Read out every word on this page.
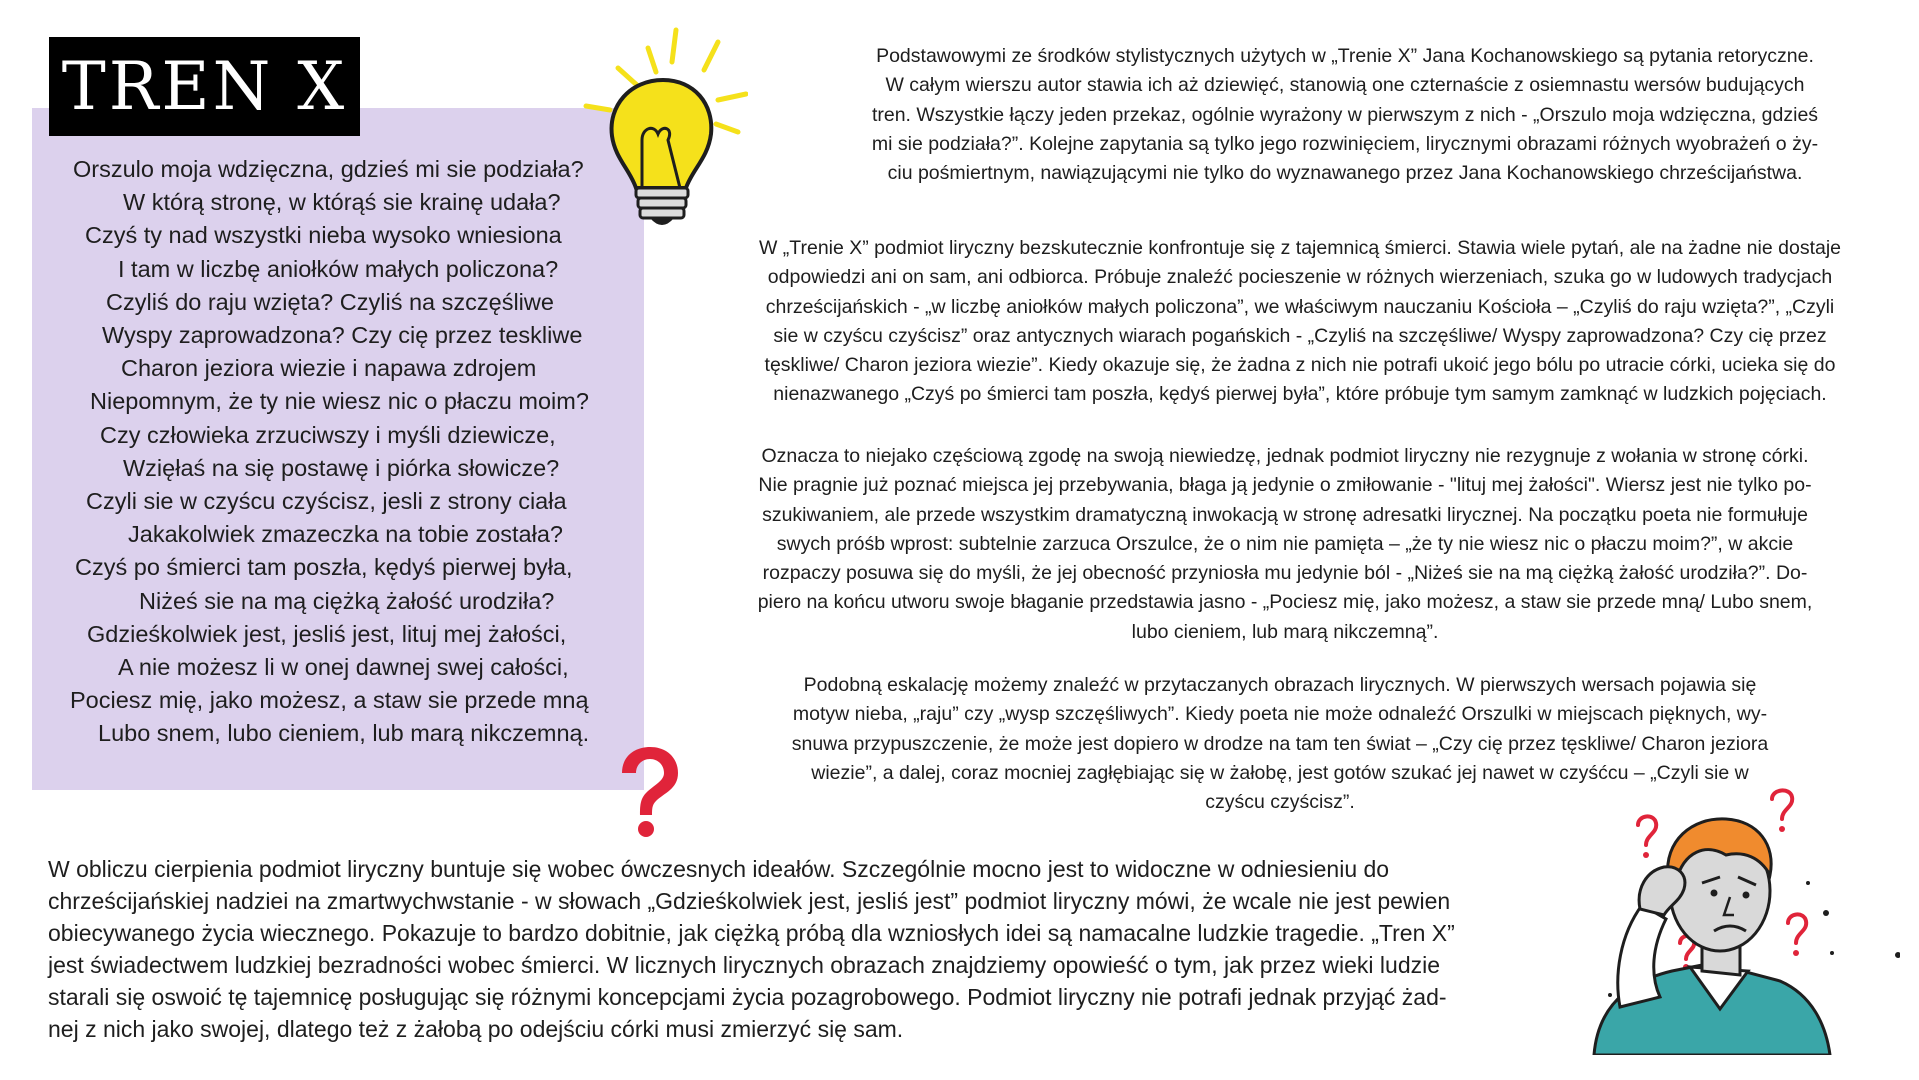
TREN X
Orszulo moja wdzięczna, gdzieś mi sie podziała?
W którą stronę, w którąś sie krainę udała?
Czyś ty nad wszystki nieba wysoko wniesiona
I tam w liczbę aniołków małych policzona?
Czyliś do raju wzięta? Czyliś na szczęśliwe
Wyspy zaprowadzona? Czy cię przez teskliwe
Charon jeziora wiezie i napawa zdrojem
Niepomnym, że ty nie wiesz nic o płaczu moim?
Czy człowieka zrzuciwszy i myśli dziewicze,
Wzięłaś na się postawę i piórka słowicze?
Czyli sie w czyścu czyścisz, jesli z strony ciała
Jakakolwiek zmazeczka na tobie została?
Czyś po śmierci tam poszła, kędyś pierwej była,
Niżeś sie na mą ciężką żałość urodziła?
Gdzieśkolwiek jest, jesliś jest, lituj mej żałości,
A nie możesz li w onej dawnej swej całości,
Pociesz mię, jako możesz, a staw sie przede mną
Lubo snem, lubo cieniem, lub marą nikczemną.
Podstawowymi ze środków stylistycznych użytych w „Trenie X” Jana Kochanowskiego są pytania retoryczne.
W całym wierszu autor stawia ich aż dziewięć, stanowią one czternaście z osiemnastu wersów budujących
tren. Wszystkie łączy jeden przekaz, ogólnie wyrażony w pierwszym z nich - „Orszulo moja wdzięczna, gdzieś
mi sie podziała?”. Kolejne zapytania są tylko jego rozwinięciem, lirycznymi obrazami różnych wyobrażeń o ży-
ciu pośmiertnym, nawiązującymi nie tylko do wyznawanego przez Jana Kochanowskiego chrześcijaństwa.
W „Trenie X” podmiot liryczny bezskutecznie konfrontuje się z tajemnicą śmierci. Stawia wiele pytań, ale na żadne nie dostaje
odpowiedzi ani on sam, ani odbiorca. Próbuje znaleźć pocieszenie w różnych wierzeniach, szuka go w ludowych tradycjach
chrześcijańskich - „w liczbę aniołków małych policzona”, we właściwym nauczaniu Kościoła – „Czyliś do raju wzięta?”, „Czyli
sie w czyścu czyścisz” oraz antycznych wiarach pogańskich - „Czyliś na szczęśliwe/ Wyspy zaprowadzona? Czy cię przez
tęskliwe/ Charon jeziora wiezie”. Kiedy okazuje się, że żadna z nich nie potrafi ukoić jego bólu po utracie córki, ucieka się do
nienazwanego „Czyś po śmierci tam poszła, kędyś pierwej była”, które próbuje tym samym zamknąć w ludzkich pojęciach.
Oznacza to niejako częściową zgodę na swoją niewiedzę, jednak podmiot liryczny nie rezygnuje z wołania w stronę córki.
Nie pragnie już poznać miejsca jej przebywania, błaga ją jedynie o zmiłowanie - "lituj mej żałości". Wiersz jest nie tylko po-
szukiwaniem, ale przede wszystkim dramatyczną inwokacją w stronę adresatki lirycznej. Na początku poeta nie formułuje
swych próśb wprost: subtelnie zarzuca Orszulce, że o nim nie pamięta – „że ty nie wiesz nic o płaczu moim?”, w akcie
rozpaczy posuwa się do myśli, że jej obecność przyniosła mu jedynie ból - „Niżeś sie na mą ciężką żałość urodziła?”. Do-
piero na końcu utworu swoje błaganie przedstawia jasno - „Pociesz mię, jako możesz, a staw sie przede mną/ Lubo snem,
lubo cieniem, lub marą nikczemną”.
Podobną eskalację możemy znaleźć w przytaczanych obrazach lirycznych. W pierwszych wersach pojawia się
motyw nieba, „raju” czy „wysp szczęśliwych”. Kiedy poeta nie może odnaleźć Orszulki w miejscach pięknych, wy-
snuwa przypuszczenie, że może jest dopiero w drodze na tam ten świat – „Czy cię przez tęskliwe/ Charon jeziora
wiezie”, a dalej, coraz mocniej zagłębiając się w żałobę, jest gotów szukać jej nawet w czyśćcu – „Czyli sie w
czyścu czyścisz”.
W obliczu cierpienia podmiot liryczny buntuje się wobec ówczesnych ideałów. Szczególnie mocno jest to widoczne w odniesieniu do
chrześcijańskiej nadziei na zmartwychwstanie - w słowach „Gdzieśkolwiek jest, jesliś jest” podmiot liryczny mówi, że wcale nie jest pewien
obiecywanego życia wiecznego. Pokazuje to bardzo dobitnie, jak ciężką próbą dla wzniosłych idei są namacalne ludzkie tragedie. „Tren X”
jest świadectwem ludzkiej bezradności wobec śmierci. W licznych lirycznych obrazach znajdziemy opowieść o tym, jak przez wieki ludzie
starali się oswoić tę tajemnicę posługując się różnymi koncepcjami życia pozagrobowego. Podmiot liryczny nie potrafi jednak przyjąć żad-
nej z nich jako swojej, dlatego też z żałobą po odejściu córki musi zmierzyć się sam.
